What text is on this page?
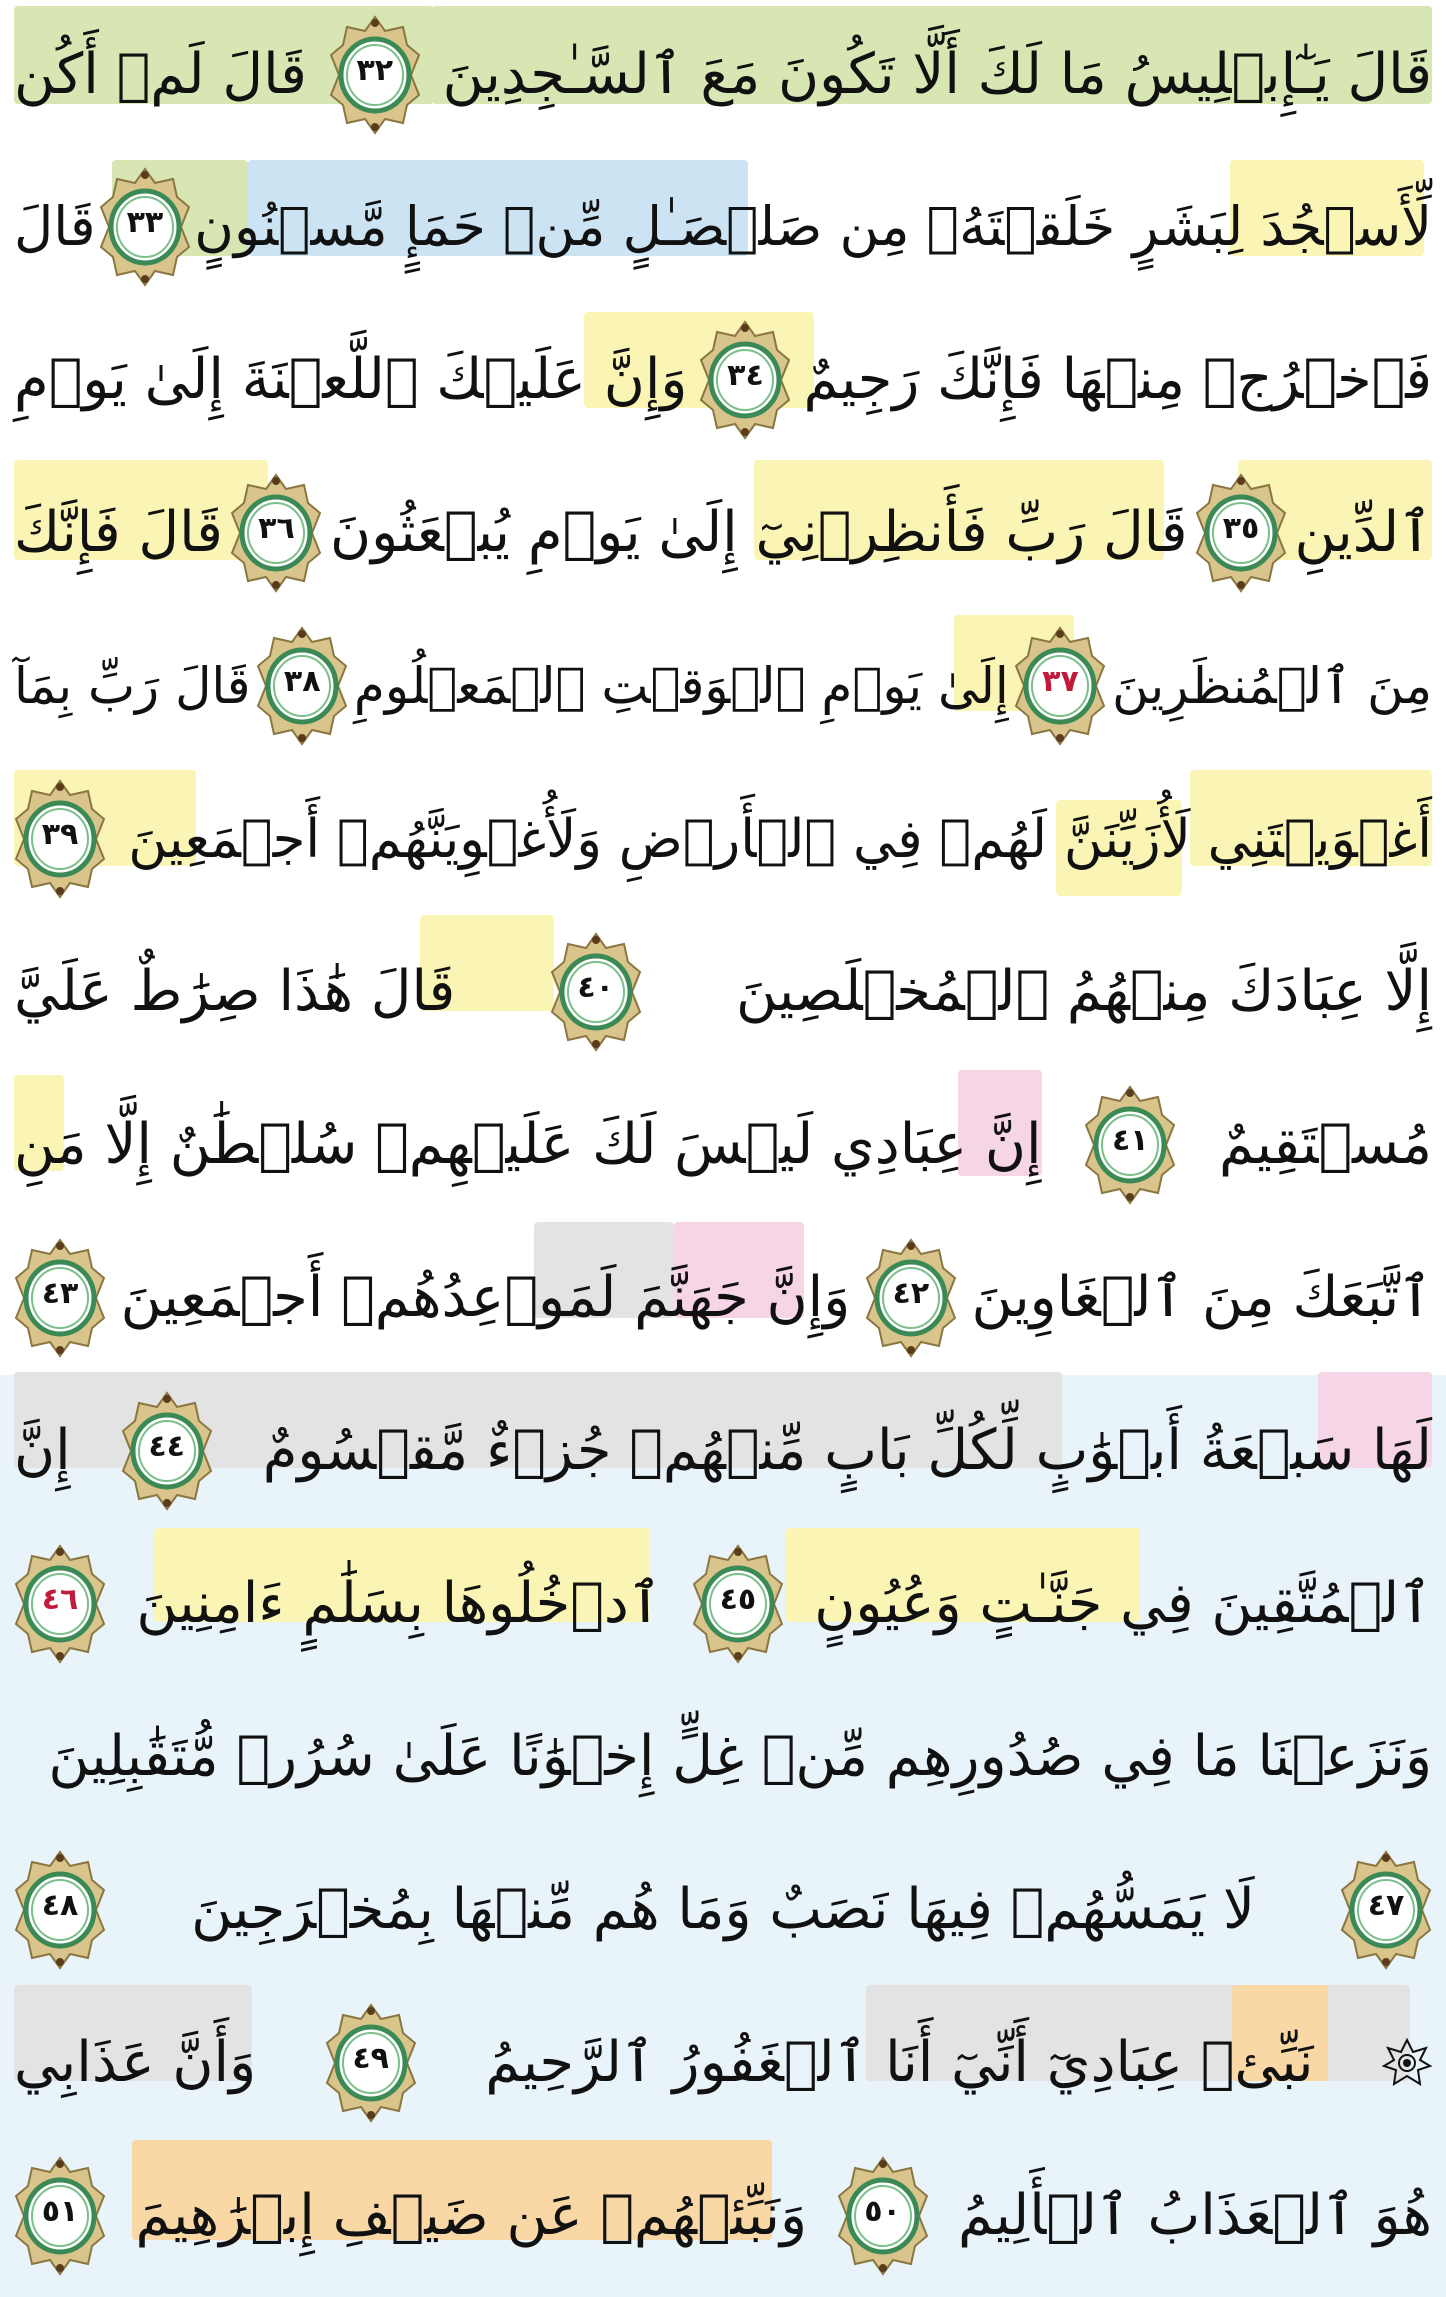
قَالَ يَـٰٓإِبۡلِيسُ مَا لَكَ أَلَّا تَكُونَ مَعَ ٱلسَّـٰجِدِينَ
٣٢
قَالَ لَمۡ أَكُن
لِّأَسۡجُدَ لِبَشَرٍ خَلَقۡتَهُۥ مِن صَلۡصَـٰلٍ مِّنۡ حَمَإٍ مَّسۡنُونٍ
٣٣
قَالَ
فَٱخۡرُجۡ مِنۡهَا فَإِنَّكَ رَجِيمٌ
٣٤
وَإِنَّ عَلَيۡكَ ٱللَّعۡنَةَ إِلَىٰ يَوۡمِ
ٱلدِّينِ
٣٥
قَالَ رَبِّ فَأَنظِرۡنِيٓ إِلَىٰ يَوۡمِ يُبۡعَثُونَ
٣٦
قَالَ فَإِنَّكَ
مِنَ ٱلۡمُنظَرِينَ
٣٧
إِلَىٰ يَوۡمِ ٱلۡوَقۡتِ ٱلۡمَعۡلُومِ
٣٨
قَالَ رَبِّ بِمَآ
أَغۡوَيۡتَنِي لَأُزَيِّنَنَّ لَهُمۡ فِي ٱلۡأَرۡضِ وَلَأُغۡوِيَنَّهُمۡ أَجۡمَعِينَ
٣٩
إِلَّا عِبَادَكَ مِنۡهُمُ ٱلۡمُخۡلَصِينَ
٤٠
قَالَ هَٰذَا صِرَٰطٌ عَلَيَّ
مُسۡتَقِيمٌ
٤١
إِنَّ عِبَادِي لَيۡسَ لَكَ عَلَيۡهِمۡ سُلۡطَٰنٌ إِلَّا مَنِ
ٱتَّبَعَكَ مِنَ ٱلۡغَاوِينَ
٤٢
وَإِنَّ جَهَنَّمَ لَمَوۡعِدُهُمۡ أَجۡمَعِينَ
٤٣
لَهَا سَبۡعَةُ أَبۡوَٰبٍ لِّكُلِّ بَابٍ مِّنۡهُمۡ جُزۡءٌ مَّقۡسُومٌ
٤٤
إِنَّ
ٱلۡمُتَّقِينَ فِي جَنَّـٰتٍ وَعُيُونٍ
٤٥
ٱدۡخُلُوهَا بِسَلَٰمٍ ءَامِنِينَ
٤٦
وَنَزَعۡنَا مَا فِي صُدُورِهِم مِّنۡ غِلٍّ إِخۡوَٰنًا عَلَىٰ سُرُرٖ مُّتَقَٰبِلِينَ
٤٧
لَا يَمَسُّهُمۡ فِيهَا نَصَبٌ وَمَا هُم مِّنۡهَا بِمُخۡرَجِينَ
٤٨
نَبِّئۡ عِبَادِيٓ أَنِّيٓ أَنَا ٱلۡغَفُورُ ٱلرَّحِيمُ
٤٩
وَأَنَّ عَذَابِي
هُوَ ٱلۡعَذَابُ ٱلۡأَلِيمُ
٥٠
وَنَبِّئۡهُمۡ عَن ضَيۡفِ إِبۡرَٰهِيمَ
٥١
